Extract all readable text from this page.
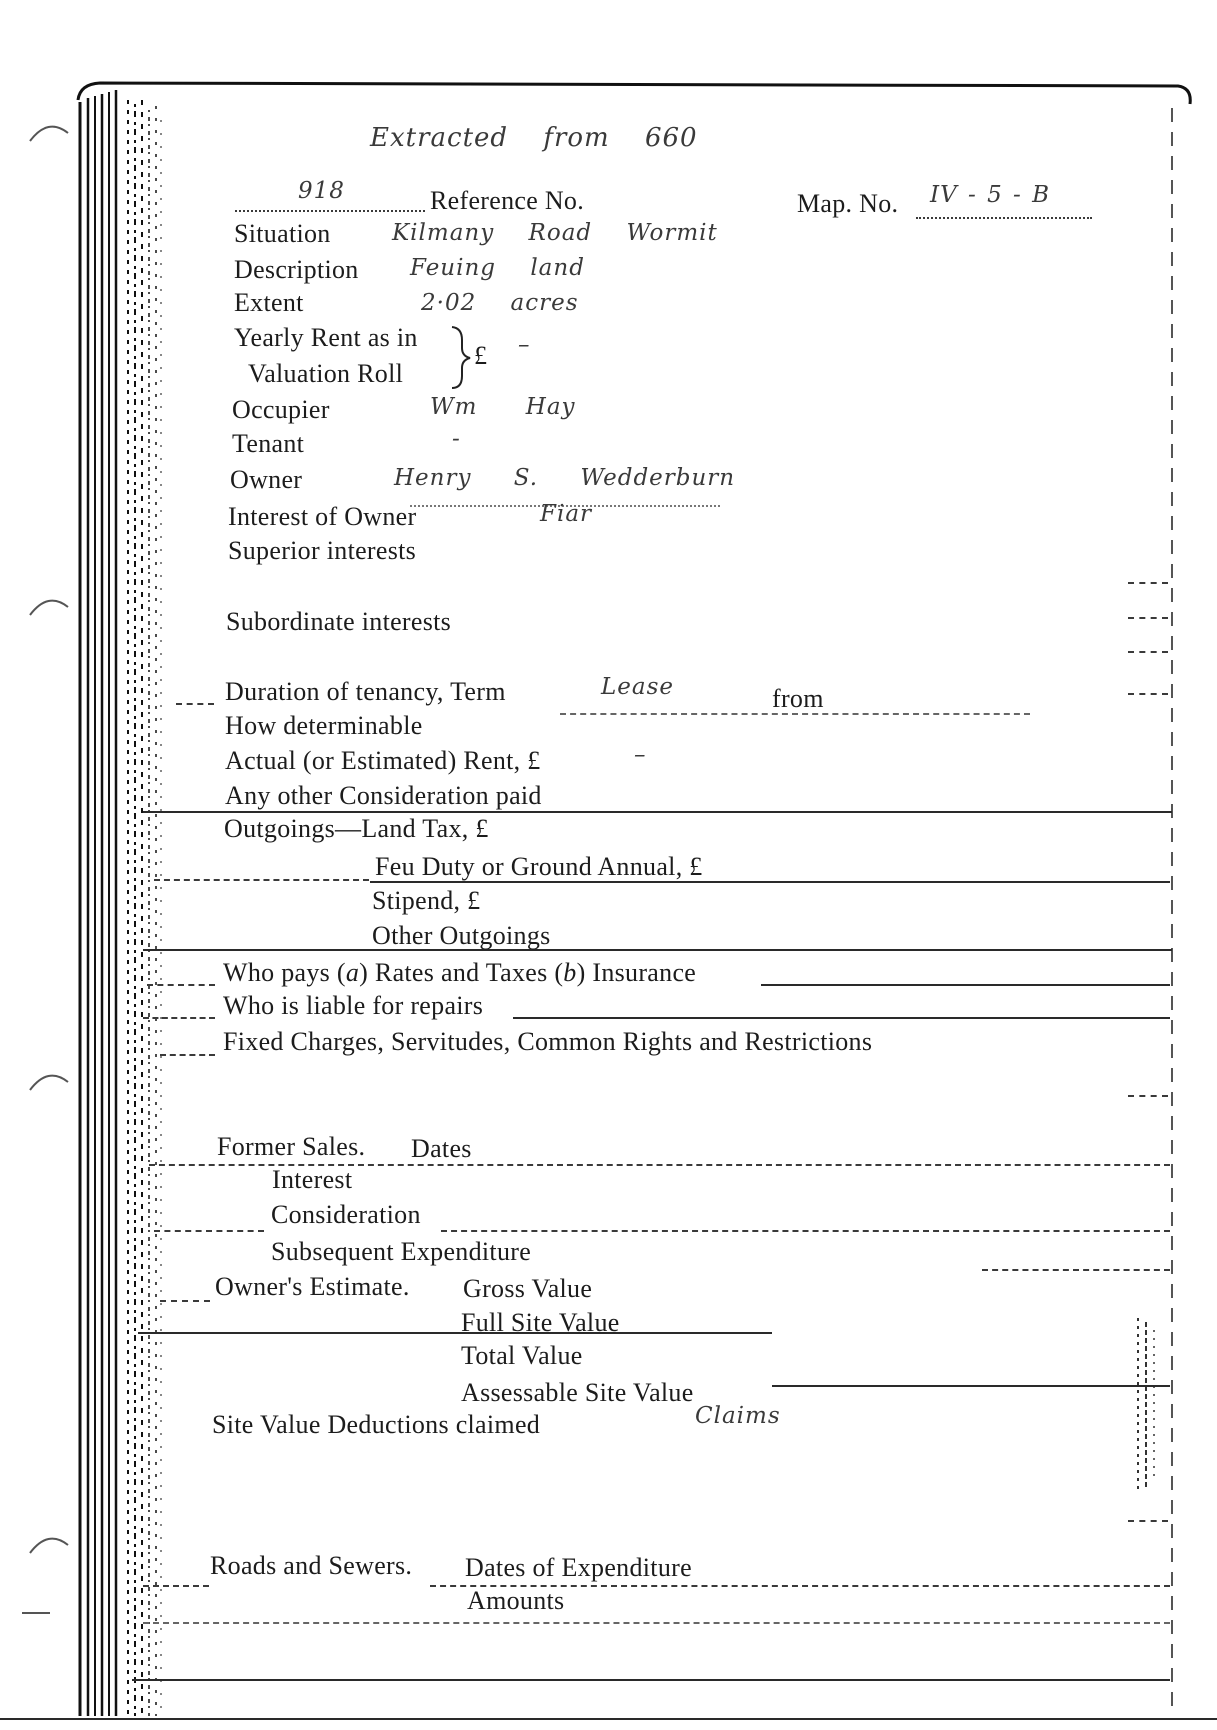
Extracted from 660
918	Reference No.	Map. No. IV - 5 - B
Situation	Kilmany Road Wormit
Description Feuing land
Extent	2·02 acres
Yearly Rent as in
Valuation Roll
£ –
Occupier	Wm Hay
Tenant	-
Owner	Henry S. Wedderburn
Interest of Owner	Fiar
Superior interests
Subordinate interests
Duration of tenancy, Term	Lease	from
How determinable
Actual (or Estimated) Rent, £	–
Any other Consideration paid
Outgoings—Land Tax, £
Feu Duty or Ground Annual, £
Stipend, £
Other Outgoings
Who pays (a) Rates and Taxes (b) Insurance
Who is liable for repairs
Fixed Charges, Servitudes, Common Rights and Restrictions
Former Sales. Dates
Interest
Consideration
Subsequent Expenditure
Owner's Estimate. Gross Value
Full Site Value
Total Value
Assessable Site Value
Site Value Deductions claimed	Claims
Roads and Sewers. Dates of Expenditure
Amounts
